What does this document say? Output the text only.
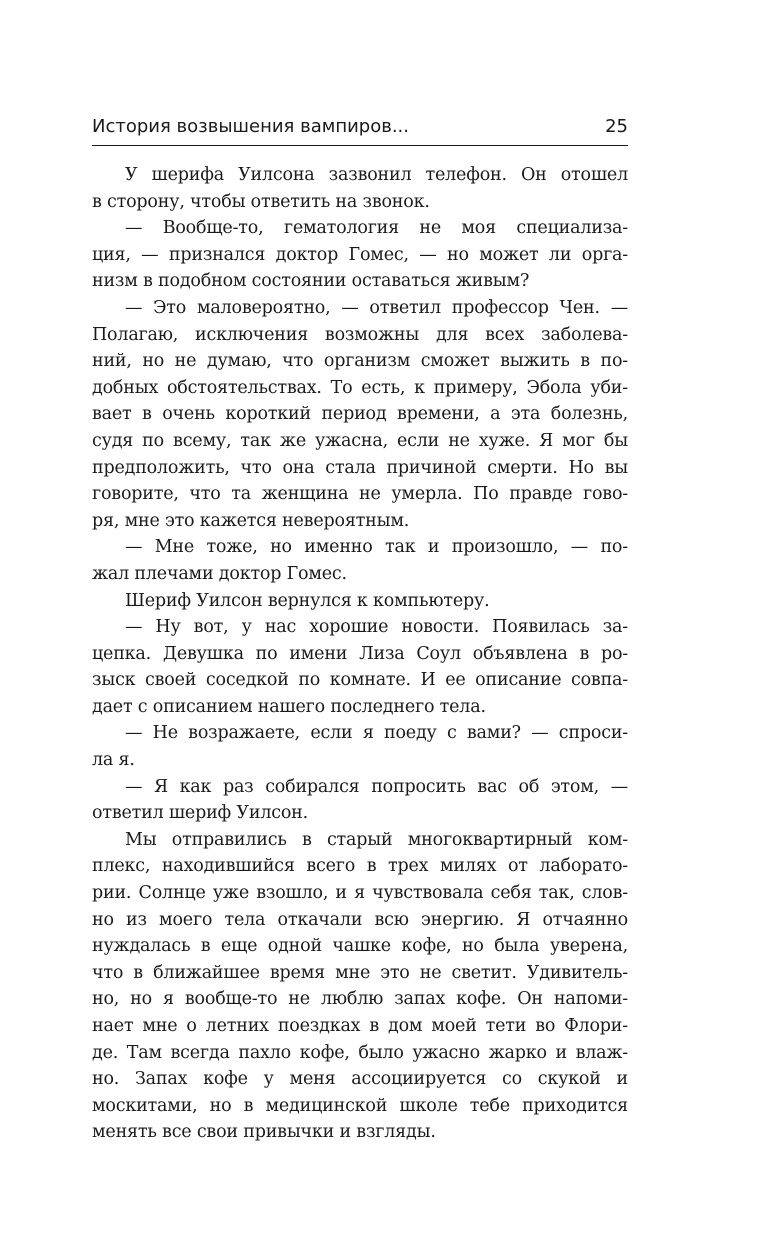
История возвышения вампиров...	25
У шерифа Уилсона зазвонил телефон. Он отошел
в сторону, чтобы ответить на звонок.
— Вообще-то, гематология не моя специализа-
ция, — признался доктор Гомес, — но может ли орга-
низм в подобном состоянии оставаться живым?
— Это маловероятно, — ответил профессор Чен. —
Полагаю, исключения возможны для всех заболева-
ний, но не думаю, что организм сможет выжить в по-
добных обстоятельствах. То есть, к примеру, Эбола уби-
вает в очень короткий период времени, а эта болезнь,
судя по всему, так же ужасна, если не хуже. Я мог бы
предположить, что она стала причиной смерти. Но вы
говорите, что та женщина не умерла. По правде гово-
ря, мне это кажется невероятным.
— Мне тоже, но именно так и произошло, — по-
жал плечами доктор Гомес.
Шериф Уилсон вернулся к компьютеру.
— Ну вот, у нас хорошие новости. Появилась за-
цепка. Девушка по имени Лиза Соул объявлена в ро-
зыск своей соседкой по комнате. И ее описание совпа-
дает с описанием нашего последнего тела.
— Не возражаете, если я поеду с вами? — спроси-
ла я.
— Я как раз собирался попросить вас об этом, —
ответил шериф Уилсон.
Мы отправились в старый многоквартирный ком-
плекс, находившийся всего в трех милях от лаборато-
рии. Солнце уже взошло, и я чувствовала себя так, слов-
но из моего тела откачали всю энергию. Я отчаянно
нуждалась в еще одной чашке кофе, но была уверена,
что в ближайшее время мне это не светит. Удивитель-
но, но я вообще-то не люблю запах кофе. Он напоми-
нает мне о летних поездках в дом моей тети во Флори-
де. Там всегда пахло кофе, было ужасно жарко и влаж-
но. Запах кофе у меня ассоциируется со скукой и
москитами, но в медицинской школе тебе приходится
менять все свои привычки и взгляды.
